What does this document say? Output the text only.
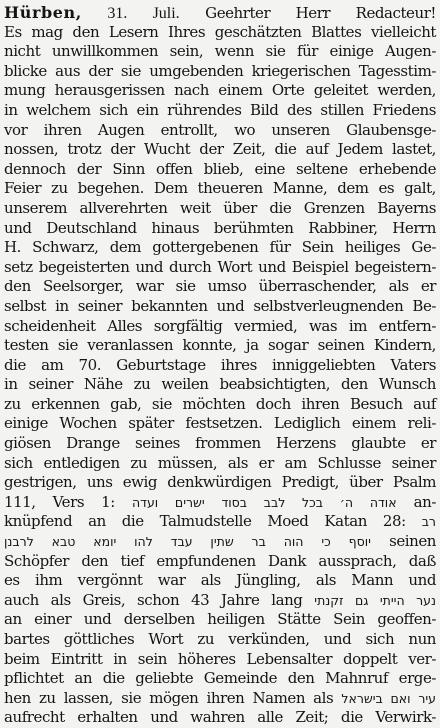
Hürben, 31. Juli. Geehrter Herr Redacteur!
Es mag den Lesern Ihres geschätzten Blattes vielleicht
nicht unwillkommen sein, wenn sie für einige Augen-
blicke aus der sie umgebenden kriegerischen Tagesstim-
mung herausgerissen nach einem Orte geleitet werden,
in welchem sich ein rührendes Bild des stillen Friedens
vor ihren Augen entrollt, wo unseren Glaubensge-
nossen, trotz der Wucht der Zeit, die auf Jedem lastet,
dennoch der Sinn offen blieb, eine seltene erhebende
Feier zu begehen. Dem theueren Manne, dem es galt,
unserem allverehrten weit über die Grenzen Bayerns
und Deutschland hinaus berühmten Rabbiner, Herrn
H. Schwarz, dem gottergebenen für Sein heiliges Ge-
setz begeisterten und durch Wort und Beispiel begeistern-
den Seelsorger, war sie umso überraschender, als er
selbst in seiner bekannten und selbstverleugnenden Be-
scheidenheit Alles sorgfältig vermied, was im entfern-
testen sie veranlassen konnte, ja sogar seinen Kindern,
die am 70. Geburtstage ihres inniggeliebten Vaters
in seiner Nähe zu weilen beabsichtigten, den Wunsch
zu erkennen gab, sie möchten doch ihren Besuch auf
einige Wochen später festsetzen. Lediglich einem reli-
giösen Drange seines frommen Herzens glaubte er
sich entledigen zu müssen, als er am Schlusse seiner
gestrigen, uns ewig denkwürdigen Predigt, über Psalm
111, Vers 1: אודה ה׳ בכל לבב בסוד ישרים ועדה an-
knüpfend an die Talmudstelle Moed Katan 28: רב
יוסף כי הוה בר שתין עבד להו יומא טבא לרבנן seinen
Schöpfer den tief empfundenen Dank aussprach, daß
es ihm vergönnt war als Jüngling, als Mann und
auch als Greis, schon 43 Jahre lang נער הייתי גם זקנתי
an einer und derselben heiligen Stätte Sein geoffen-
bartes göttliches Wort zu verkünden, und sich nun
beim Eintritt in sein höheres Lebensalter doppelt ver-
pflichtet an die geliebte Gemeinde den Mahnruf erge-
hen zu lassen, sie mögen ihren Namen als עיר ואם בישראל
aufrecht erhalten und wahren alle Zeit; die Verwirk-
